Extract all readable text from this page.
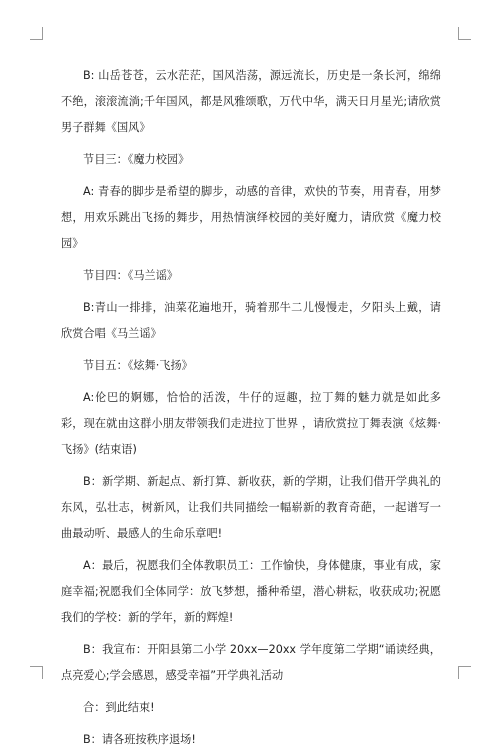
B: 山岳苍苍，云水茫茫，国风浩荡，源远流长，历史是一条长河，绵绵不绝，滚滚流淌;千年国风，都是风雅颂歌，万代中华，满天日月星光;请欣赏男子群舞《国风》

节目三：《魔力校园》

A: 青春的脚步是希望的脚步，动感的音律，欢快的节奏，用青春，用梦想，用欢乐跳出飞扬的舞步，用热情演绎校园的美好魔力，请欣赏《魔力校园》

节目四：《马兰谣》

B:青山一排排，油菜花遍地开，骑着那牛二儿慢慢走，夕阳头上戴，请欣赏合唱《马兰谣》

节目五：《炫舞·飞扬》

A:伦巴的婀娜，恰恰的活泼，牛仔的逗趣，拉丁舞的魅力就是如此多彩，现在就由这群小朋友带领我们走进拉丁世界 ，请欣赏拉丁舞表演《炫舞·飞扬》(结束语)

B：新学期、新起点、新打算、新收获，新的学期，让我们借开学典礼的东风，弘壮志，树新风，让我们共同描绘一幅崭新的教育奇葩，一起谱写一曲最动听、最感人的生命乐章吧!

A：最后，祝愿我们全体教职员工：工作愉快，身体健康，事业有成，家庭幸福;祝愿我们全体同学：放飞梦想，播种希望，潜心耕耘，收获成功;祝愿我们的学校：新的学年，新的辉煌!

B：我宣布：开阳县第二小学 20xx—20xx 学年度第二学期“诵读经典，点亮爱心;学会感恩，感受幸福”开学典礼活动

合：到此结束!

B：请各班按秩序退场!
